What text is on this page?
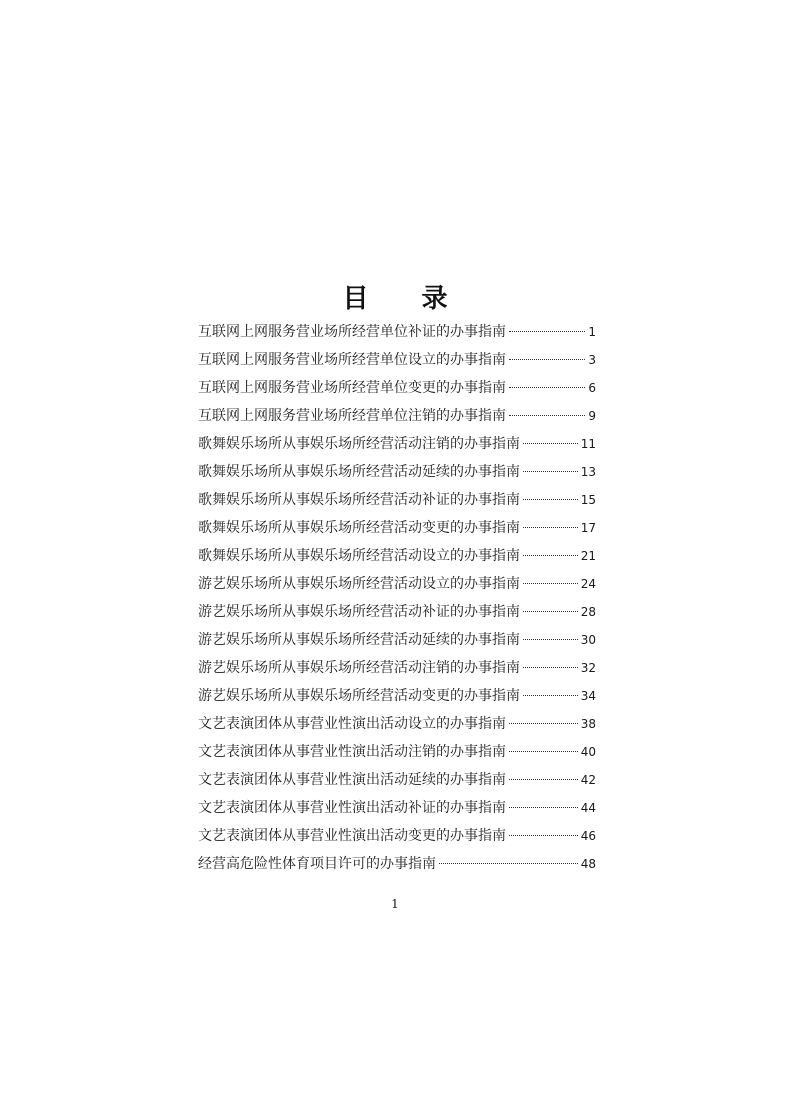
目 录
互联网上网服务营业场所经营单位补证的办事指南	1
互联网上网服务营业场所经营单位设立的办事指南	3
互联网上网服务营业场所经营单位变更的办事指南	6
互联网上网服务营业场所经营单位注销的办事指南	9
歌舞娱乐场所从事娱乐场所经营活动注销的办事指南	11
歌舞娱乐场所从事娱乐场所经营活动延续的办事指南	13
歌舞娱乐场所从事娱乐场所经营活动补证的办事指南	15
歌舞娱乐场所从事娱乐场所经营活动变更的办事指南	17
歌舞娱乐场所从事娱乐场所经营活动设立的办事指南	21
游艺娱乐场所从事娱乐场所经营活动设立的办事指南	24
游艺娱乐场所从事娱乐场所经营活动补证的办事指南	28
游艺娱乐场所从事娱乐场所经营活动延续的办事指南	30
游艺娱乐场所从事娱乐场所经营活动注销的办事指南	32
游艺娱乐场所从事娱乐场所经营活动变更的办事指南	34
文艺表演团体从事营业性演出活动设立的办事指南	38
文艺表演团体从事营业性演出活动注销的办事指南	40
文艺表演团体从事营业性演出活动延续的办事指南	42
文艺表演团体从事营业性演出活动补证的办事指南	44
文艺表演团体从事营业性演出活动变更的办事指南	46
经营高危险性体育项目许可的办事指南	48
1
